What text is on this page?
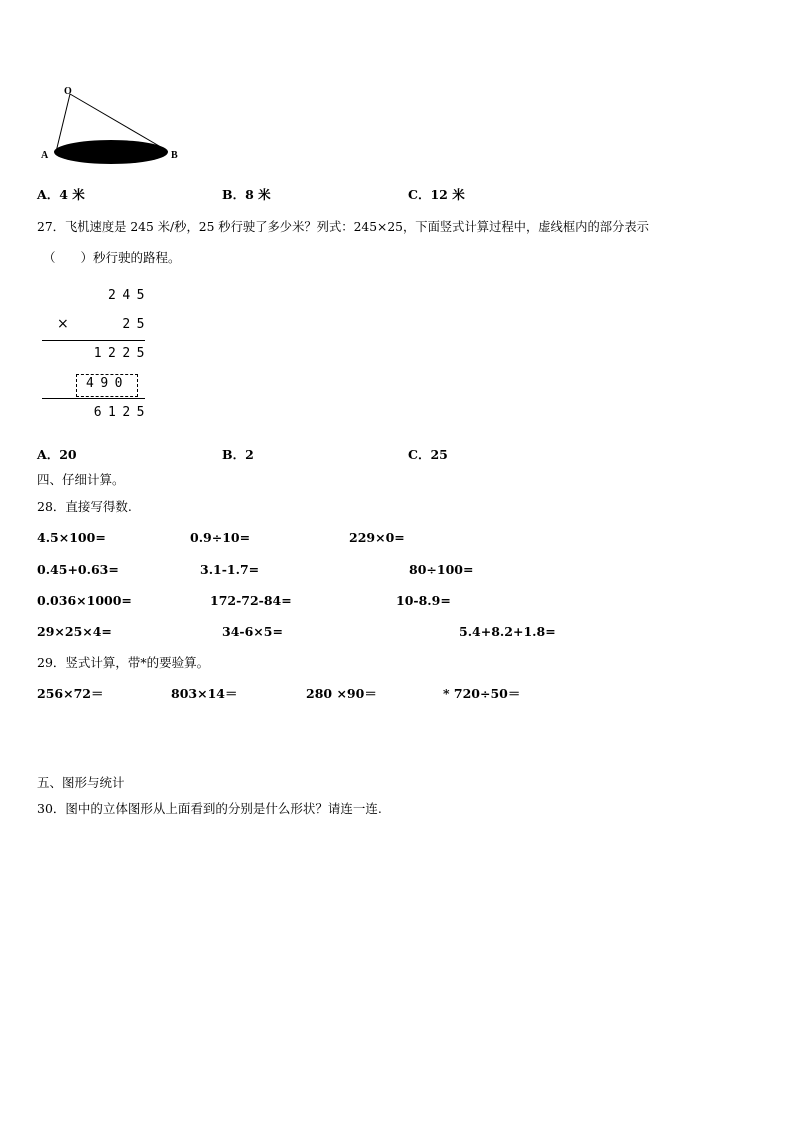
O
A	B
A．4 米	B．8 米	C．12 米
27．飞机速度是 245 米/秒，25 秒行驶了多少米？列式：245×25，下面竖式计算过程中，虚线框内的部分表示
（　　）秒行驶的路程。
245
×	25
1225
490
6125
A．20	B．2	C．25
四、仔细计算。
28．直接写得数.
4.5×100=	0.9÷10=	229×0=
0.45+0.63=	3.1-1.7=	80÷100=
0.036×1000=	172-72-84=	10-8.9=
29×25×4=	34-6×5=	5.4+8.2+1.8=
29．竖式计算，带*的要验算。
256×72＝	803×14＝	280 ×90＝	* 720÷50＝
五、图形与统计
30．图中的立体图形从上面看到的分别是什么形状？请连一连.
